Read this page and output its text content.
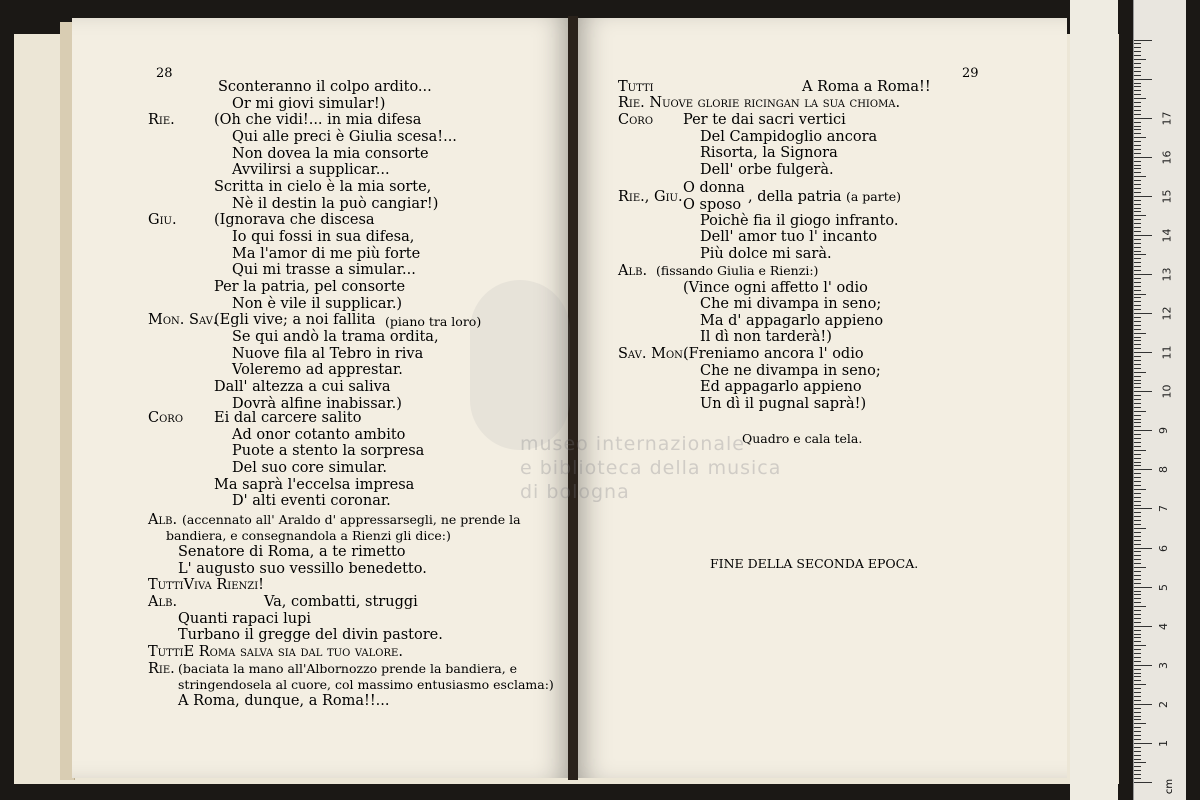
museo internazionale
e biblioteca della musica
di bologna
28	29
Sconteranno il colpo ardito...
Or mi giovi simular!)
Rie.	(Oh che vidi!... in mia difesa
Qui alle preci è Giulia scesa!...
Non dovea la mia consorte
Avvilirsi a supplicar...
Scritta in cielo è la mia sorte,
Nè il destin la può cangiar!)
Giu.	(Ignorava che discesa
Io qui fossi in sua difesa,
Ma l'amor di me più forte
Qui mi trasse a simular...
Per la patria, pel consorte
Non è vile il supplicar.)
Mon. Sav.
(Egli vive; a noi fallita (piano tra loro)
Se qui andò la trama ordita,
Nuove fila al Tebro in riva
Voleremo ad apprestar.
Dall' altezza a cui saliva
Dovrà alfine inabissar.)
Coro Ei dal carcere salito
Ad onor cotanto ambito
Puote a stento la sorpresa
Del suo core simular.
Ma saprà l'eccelsa impresa
D' alti eventi coronar.
Alb. (accennato all' Araldo d' appressarsegli, ne prende la
bandiera, e consegnandola a Rienzi gli dice:)
Senatore di Roma, a te rimetto
L' augusto suo vessillo benedetto.
TuttiViva Rienzi!
Alb.	Va, combatti, struggi
Quanti rapaci lupi
Turbano il gregge del divin pastore.
TuttiE Roma salva sia dal tuo valore.
Rie. (baciata la mano all'Albornozzo prende la bandiera, e
stringendosela al cuore, col massimo entusiasmo esclama:)
A Roma, dunque, a Roma!!...
Tutti	A Roma a Roma!!
Rie. Nuove glorie ricingan la sua chioma.
Coro Per te dai sacri vertici
Del Campidoglio ancora
Risorta, la Signora
Dell' orbe fulgerà.
Rie., Giu.
O donna
O sposo , della patria (a parte)
Poichè fia il giogo infranto.
Dell' amor tuo l' incanto
Più dolce mi sarà.
Alb. (fissando Giulia e Rienzi:)
(Vince ogni affetto l' odio
Che mi divampa in seno;
Ma d' appagarlo appieno
Il dì non tarderà!)
Sav. Mon.
(Freniamo ancora l' odio
Che ne divampa in seno;
Ed appagarlo appieno
Un dì il pugnal saprà!)
Quadro e cala tela.
FINE DELLA SECONDA EPOCA.
cm
17
16
15
14
13
12
11
10
9
8
7
6
5
4
3
2
1
